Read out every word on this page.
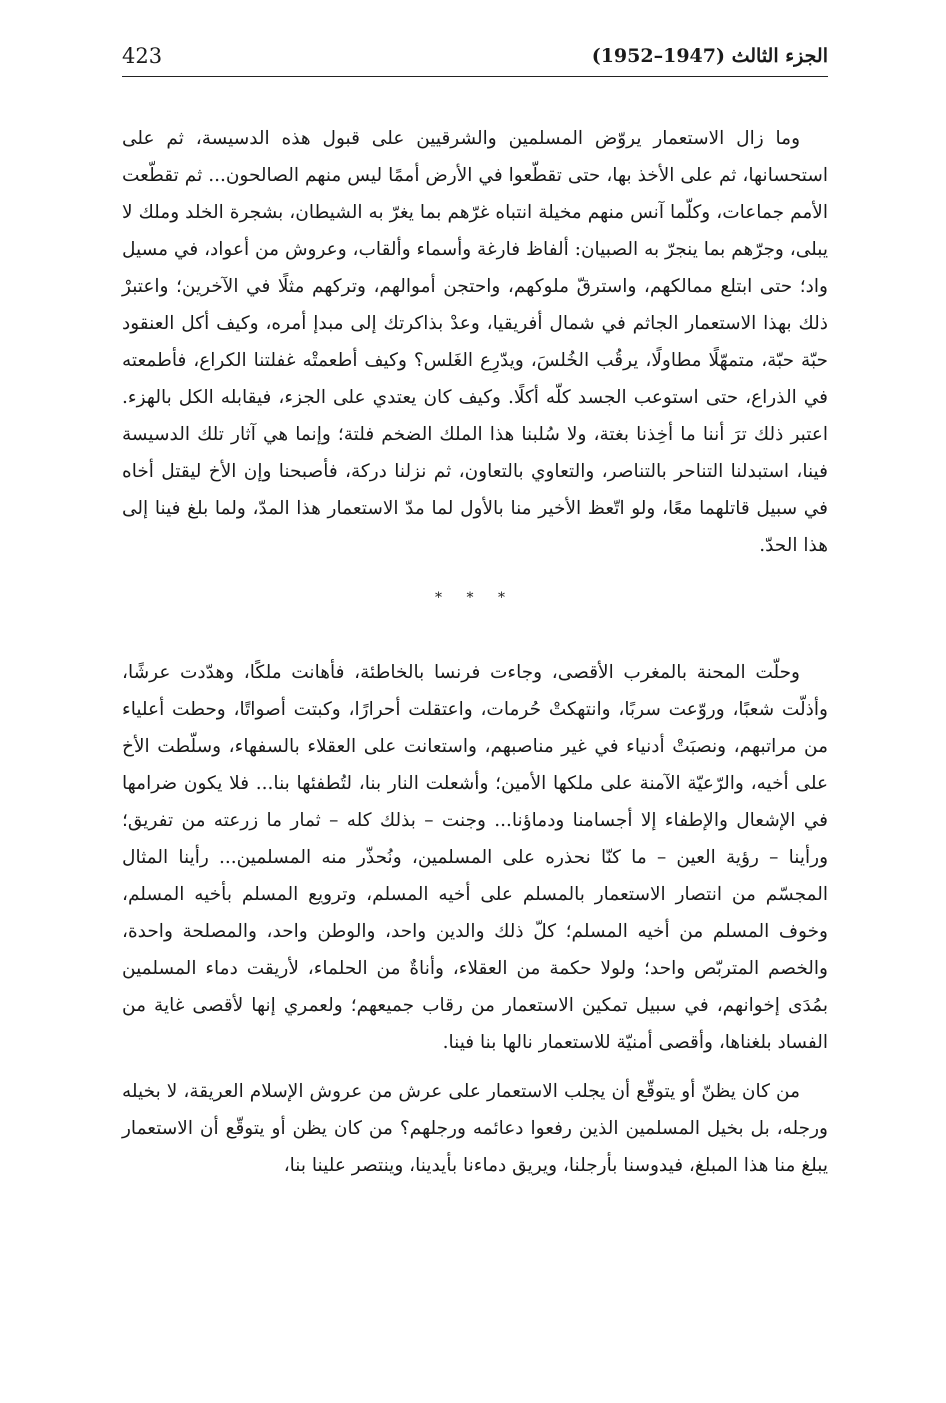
الجزء الثالث (1947–1952)
423

وما زال الاستعمار يروّض المسلمين والشرقيين على قبول هذه الدسيسة، ثم على استحسانها، ثم على الأخذ بها، حتى تقطّعوا في الأرض أممًا ليس منهم الصالحون... ثم تقطّعت الأمم جماعات، وكلّما آنس منهم مخيلة انتباه غرّهم بما يغرّ به الشيطان، بشجرة الخلد وملك لا يبلى، وجرّهم بما ينجرّ به الصبيان: ألفاظ فارغة وأسماء وألقاب، وعروش من أعواد، في مسيل واد؛ حتى ابتلع ممالكهم، واسترقّ ملوكهم، واحتجن أموالهم، وتركهم مثلًا في الآخرين؛ واعتبرْ ذلك بهذا الاستعمار الجاثم في شمال أفريقيا، وعدْ بذاكرتك إلى مبدإ أمره، وكيف أكل العنقود حبّة حبّة، متمهّلًا مطاولًا، يرقُب الخُلسَ، ويدّرِع الغَلس؟ وكيف أطعمتْه غفلتنا الكراع، فأطمعته في الذراع، حتى استوعب الجسد كلّه أكلًا. وكيف كان يعتدي على الجزء، فيقابله الكل بالهزء. اعتبر ذلك ترَ أننا ما أخِذنا بغتة، ولا سُلبنا هذا الملك الضخم فلتة؛ وإنما هي آثار تلك الدسيسة فينا، استبدلنا التناحر بالتناصر، والتعاوي بالتعاون، ثم نزلنا دركة، فأصبحنا وإن الأخ ليقتل أخاه في سبيل قاتلهما معًا، ولو اتّعظ الأخير منا بالأول لما مدّ الاستعمار هذا المدّ، ولما بلغ فينا إلى هذا الحدّ.

* * *

وحلّت المحنة بالمغرب الأقصى، وجاءت فرنسا بالخاطئة، فأهانت ملكًا، وهدّدت عرشًا، وأذلّت شعبًا، وروّعت سربًا، وانتهكتْ حُرمات، واعتقلت أحرارًا، وكبتت أصواتًا، وحطت أعلياء من مراتبهم، ونصبَتْ أدنياء في غير مناصبهم، واستعانت على العقلاء بالسفهاء، وسلّطت الأخ على أخيه، والرّعيّة الآمنة على ملكها الأمين؛ وأشعلت النار بنا، لتُطفئها بنا... فلا يكون ضرامها في الإشعال والإطفاء إلا أجسامنا ودماؤنا... وجنت – بذلك كله – ثمار ما زرعته من تفريق؛ ورأينا – رؤية العين – ما كنّا نحذره على المسلمين، ونُحذّر منه المسلمين... رأينا المثال المجسّم من انتصار الاستعمار بالمسلم على أخيه المسلم، وترويع المسلم بأخيه المسلم، وخوف المسلم من أخيه المسلم؛ كلّ ذلك والدين واحد، والوطن واحد، والمصلحة واحدة، والخصم المتربّص واحد؛ ولولا حكمة من العقلاء، وأناةٌ من الحلماء، لأريقت دماء المسلمين بمُدَى إخوانهم، في سبيل تمكين الاستعمار من رقاب جميعهم؛ ولعمري إنها لأقصى غاية من الفساد بلغناها، وأقصى أمنيّة للاستعمار نالها بنا فينا.

من كان يظنّ أو يتوقّع أن يجلب الاستعمار على عرش من عروش الإسلام العريقة، لا بخيله ورجله، بل بخيل المسلمين الذين رفعوا دعائمه ورجلهم؟ من كان يظن أو يتوقّع أن الاستعمار يبلغ منا هذا المبلغ، فيدوسنا بأرجلنا، ويريق دماءنا بأيدينا، وينتصر علينا بنا،
